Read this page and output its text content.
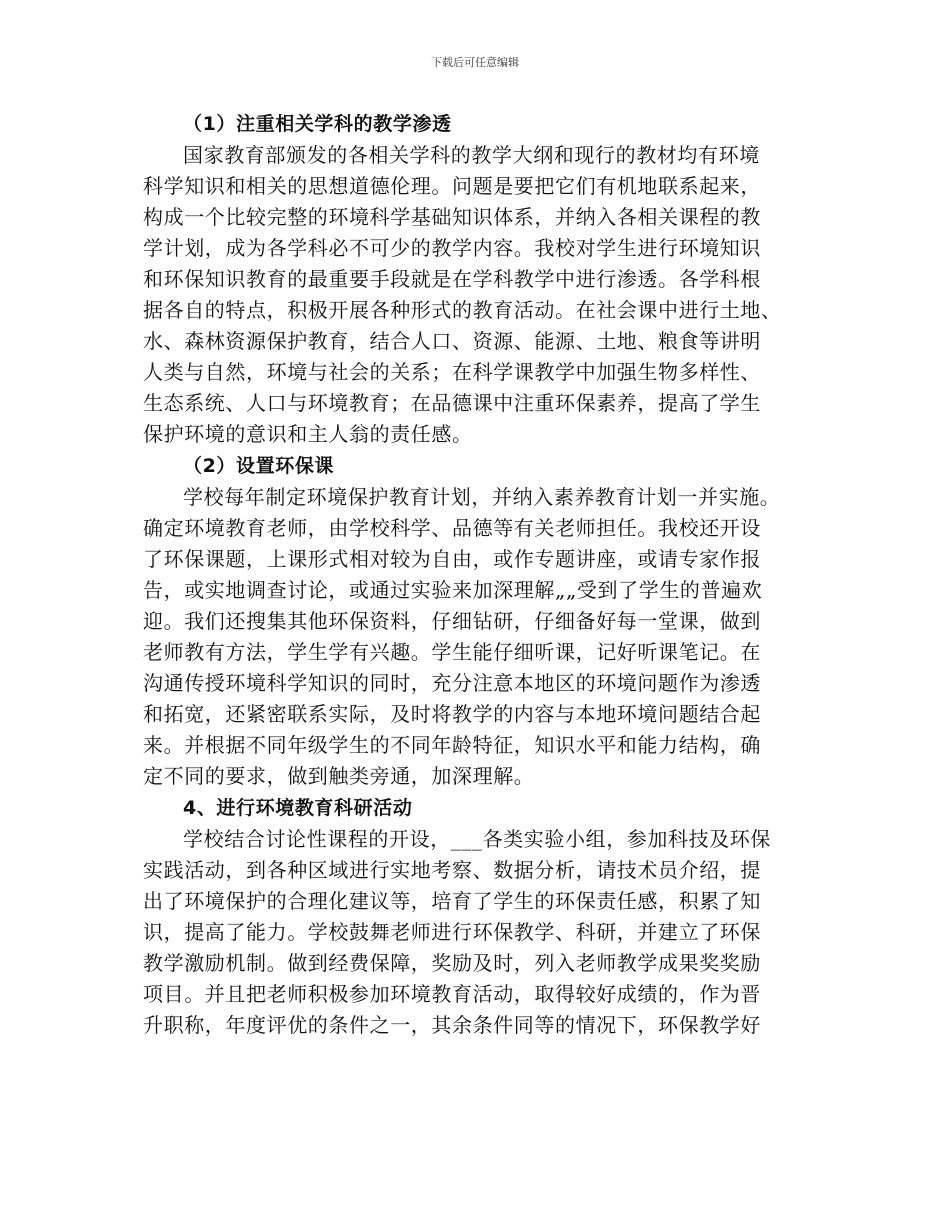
下载后可任意编辑
（1）注重相关学科的教学渗透
国家教育部颁发的各相关学科的教学大纲和现行的教材均有环境
科学知识和相关的思想道德伦理。问题是要把它们有机地联系起来，
构成一个比较完整的环境科学基础知识体系，并纳入各相关课程的教
学计划，成为各学科必不可少的教学内容。我校对学生进行环境知识
和环保知识教育的最重要手段就是在学科教学中进行渗透。各学科根
据各自的特点，积极开展各种形式的教育活动。在社会课中进行土地、
水、森林资源保护教育，结合人口、资源、能源、土地、粮食等讲明
人类与自然，环境与社会的关系；在科学课教学中加强生物多样性、
生态系统、人口与环境教育；在品德课中注重环保素养，提高了学生
保护环境的意识和主人翁的责任感。
（2）设置环保课
学校每年制定环境保护教育计划，并纳入素养教育计划一并实施。
确定环境教育老师，由学校科学、品德等有关老师担任。我校还开设
了环保课题，上课形式相对较为自由，或作专题讲座，或请专家作报
告，或实地调查讨论，或通过实验来加深理解„„受到了学生的普遍欢
迎。我们还搜集其他环保资料，仔细钻研，仔细备好每一堂课，做到
老师教有方法，学生学有兴趣。学生能仔细听课，记好听课笔记。在
沟通传授环境科学知识的同时，充分注意本地区的环境问题作为渗透
和拓宽，还紧密联系实际，及时将教学的内容与本地环境问题结合起
来。并根据不同年级学生的不同年龄特征，知识水平和能力结构，确
定不同的要求，做到触类旁通，加深理解。
4、进行环境教育科研活动
学校结合讨论性课程的开设，___各类实验小组，参加科技及环保
实践活动，到各种区域进行实地考察、数据分析，请技术员介绍，提
出了环境保护的合理化建议等，培育了学生的环保责任感，积累了知
识，提高了能力。学校鼓舞老师进行环保教学、科研，并建立了环保
教学激励机制。做到经费保障，奖励及时，列入老师教学成果奖奖励
项目。并且把老师积极参加环境教育活动，取得较好成绩的，作为晋
升职称，年度评优的条件之一，其余条件同等的情况下，环保教学好
